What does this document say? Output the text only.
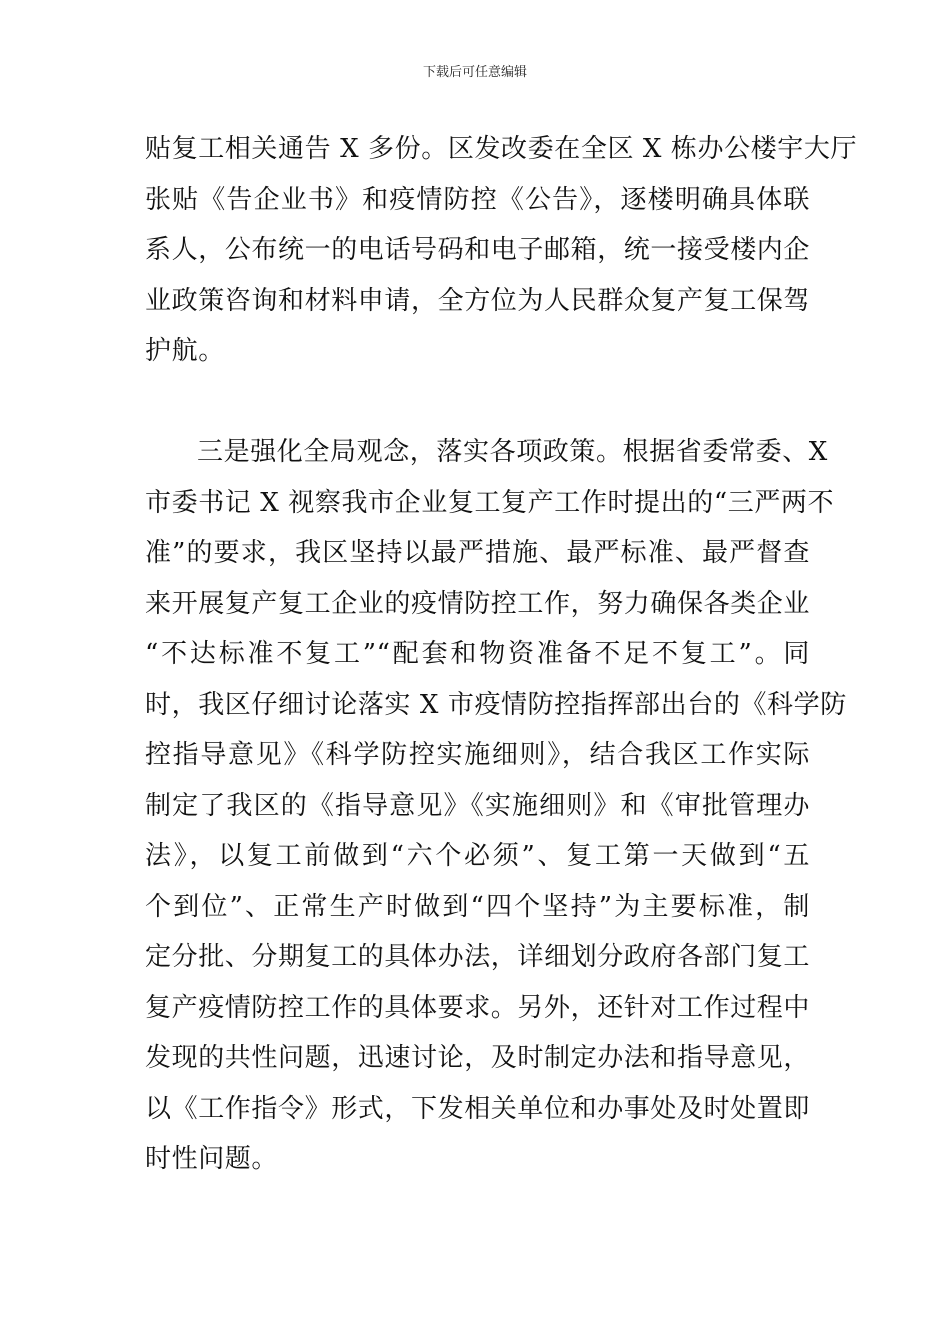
下载后可任意编辑
贴复工相关通告 X 多份。区发改委在全区 X 栋办公楼宇大厅
张贴《告企业书》和疫情防控《公告》，逐楼明确具体联
系人，公布统一的电话号码和电子邮箱，统一接受楼内企
业政策咨询和材料申请，全方位为人民群众复产复工保驾
护航。
三是强化全局观念，落实各项政策。根据省委常委、X
市委书记 X 视察我市企业复工复产工作时提出的“三严两不
准”的要求，我区坚持以最严措施、最严标准、最严督查
来开展复产复工企业的疫情防控工作，努力确保各类企业
“不达标准不复工”“配套和物资准备不足不复工”。同
时，我区仔细讨论落实 X 市疫情防控指挥部出台的《科学防
控指导意见》《科学防控实施细则》，结合我区工作实际
制定了我区的《指导意见》《实施细则》和《审批管理办
法》，以复工前做到“六个必须”、复工第一天做到“五
个到位”、正常生产时做到“四个坚持”为主要标准，制
定分批、分期复工的具体办法，详细划分政府各部门复工
复产疫情防控工作的具体要求。另外，还针对工作过程中
发现的共性问题，迅速讨论，及时制定办法和指导意见，
以《工作指令》形式，下发相关单位和办事处及时处置即
时性问题。
